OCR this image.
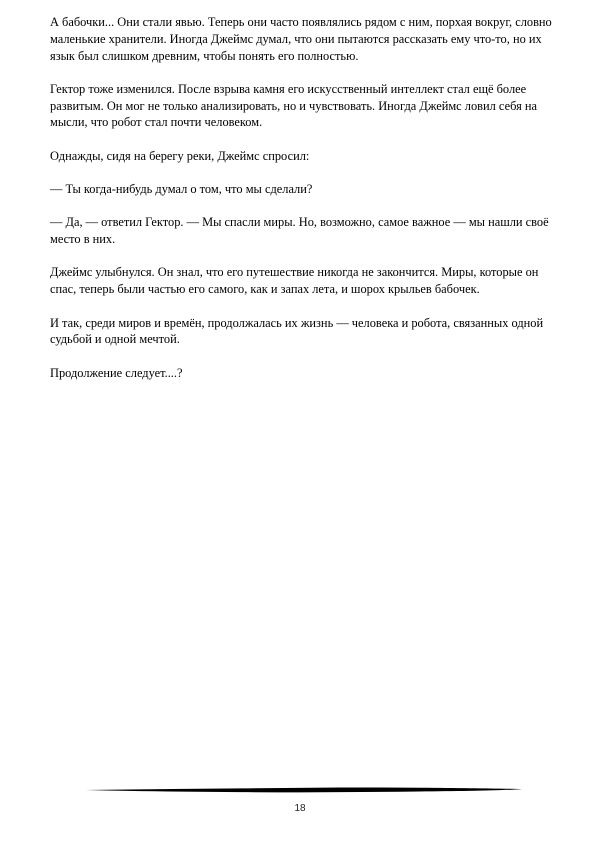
А бабочки... Они стали явью. Теперь они часто появлялись рядом с ним, порхая вокруг, словно маленькие хранители. Иногда Джеймс думал, что они пытаются рассказать ему что-то, но их язык был слишком древним, чтобы понять его полностью.

Гектор тоже изменился. После взрыва камня его искусственный интеллект стал ещё более развитым. Он мог не только анализировать, но и чувствовать. Иногда Джеймс ловил себя на мысли, что робот стал почти человеком.

Однажды, сидя на берегу реки, Джеймс спросил:

— Ты когда-нибудь думал о том, что мы сделали?

— Да, — ответил Гектор. — Мы спасли миры. Но, возможно, самое важное — мы нашли своё место в них.

Джеймс улыбнулся. Он знал, что его путешествие никогда не закончится. Миры, которые он спас, теперь были частью его самого, как и запах лета, и шорох крыльев бабочек.

И так, среди миров и времён, продолжалась их жизнь — человека и робота, связанных одной судьбой и одной мечтой.

Продолжение следует....?

18
